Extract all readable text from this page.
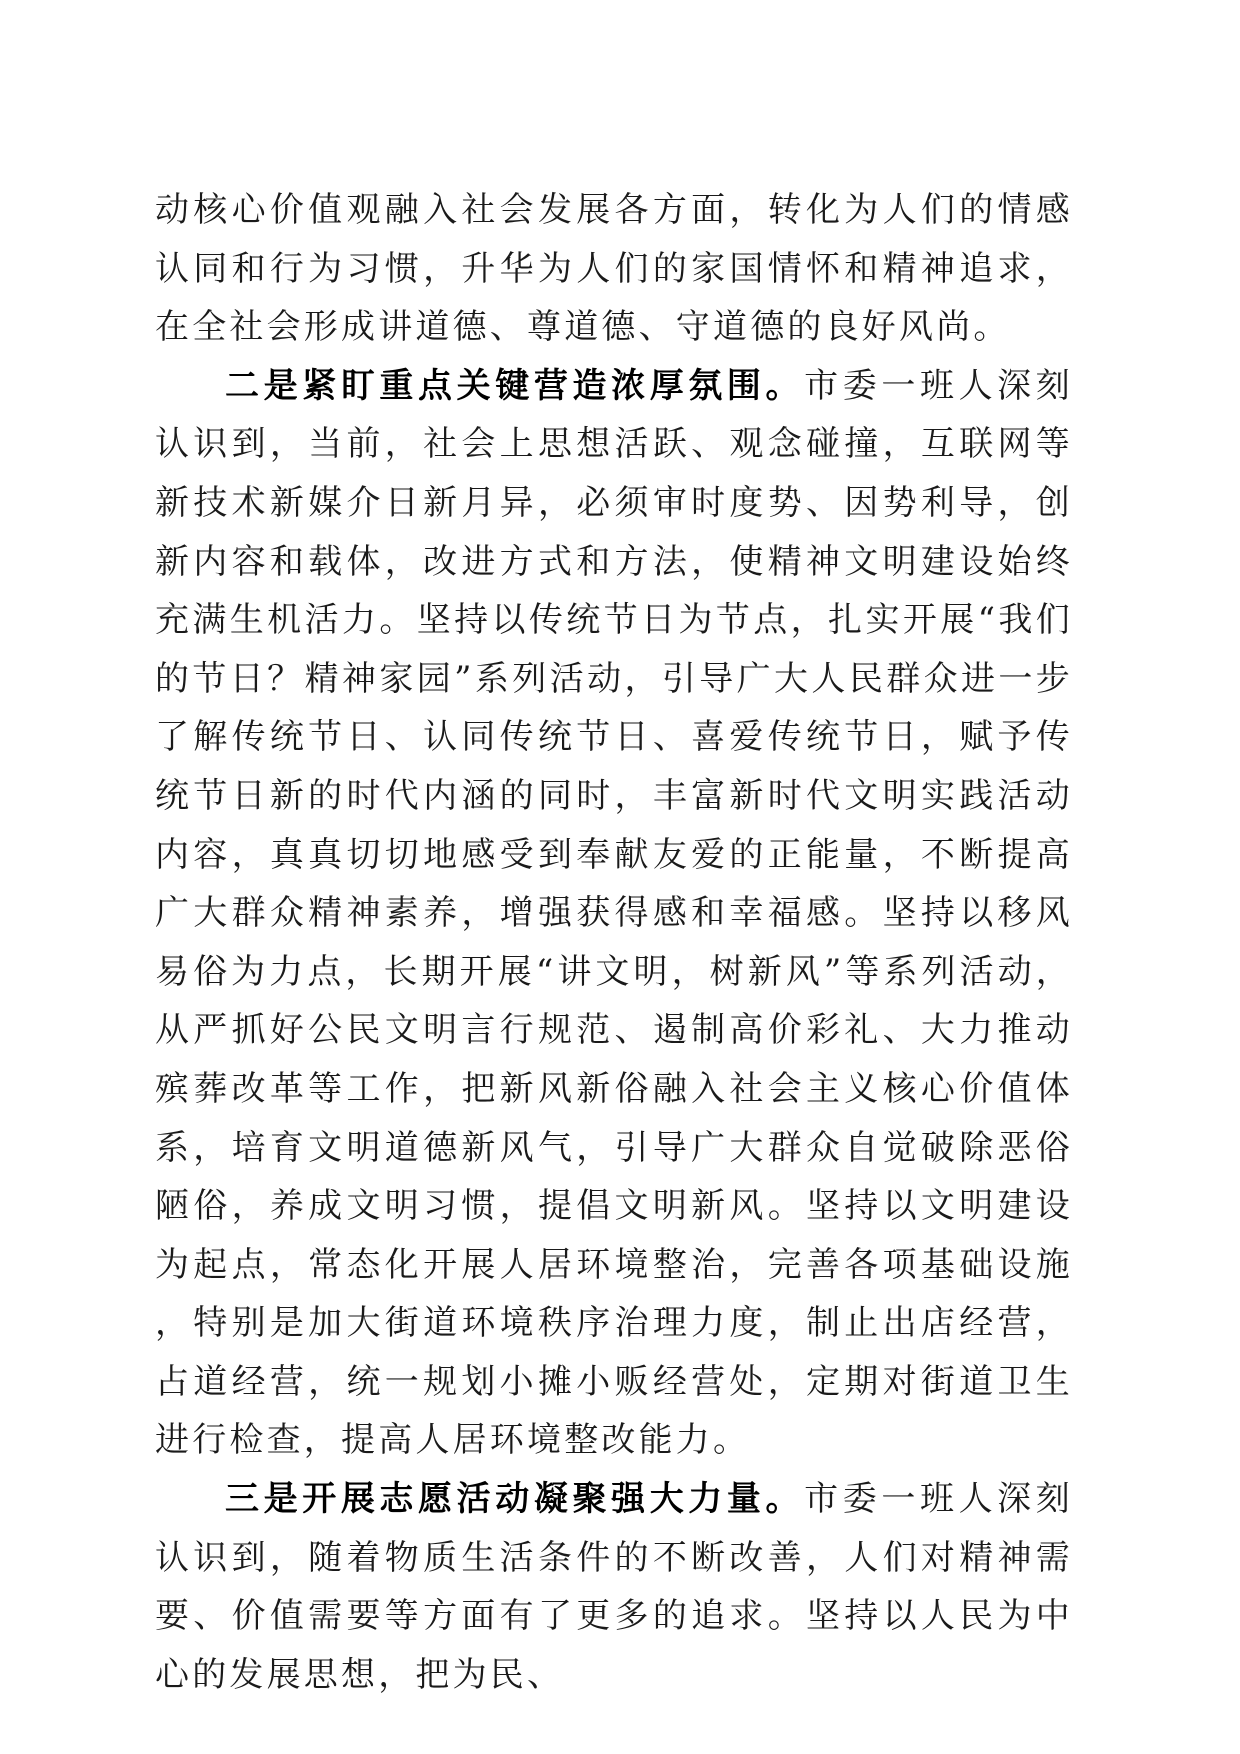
动核心价值观融入社会发展各方面，转化为人们的情感认同和行为习惯，升华为人们的家国情怀和精神追求，在全社会形成讲道德、尊道德、守道德的良好风尚。

二是紧盯重点关键营造浓厚氛围。市委一班人深刻认识到，当前，社会上思想活跃、观念碰撞，互联网等新技术新媒介日新月异，必须审时度势、因势利导，创新内容和载体，改进方式和方法，使精神文明建设始终充满生机活力。坚持以传统节日为节点，扎实开展“我们的节日？精神家园”系列活动，引导广大人民群众进一步了解传统节日、认同传统节日、喜爱传统节日，赋予传统节日新的时代内涵的同时，丰富新时代文明实践活动内容，真真切切地感受到奉献友爱的正能量，不断提高广大群众精神素养，增强获得感和幸福感。坚持以移风易俗为力点，长期开展“讲文明，树新风”等系列活动，从严抓好公民文明言行规范、遏制高价彩礼、大力推动殡葬改革等工作，把新风新俗融入社会主义核心价值体系，培育文明道德新风气，引导广大群众自觉破除恶俗陋俗，养成文明习惯，提倡文明新风。坚持以文明建设为起点，常态化开展人居环境整治，完善各项基础设施，特别是加大街道环境秩序治理力度，制止出店经营，占道经营，统一规划小摊小贩经营处，定期对街道卫生进行检查，提高人居环境整改能力。

三是开展志愿活动凝聚强大力量。市委一班人深刻认识到，随着物质生活条件的不断改善，人们对精神需要、价值需要等方面有了更多的追求。坚持以人民为中心的发展思想，把为民、
